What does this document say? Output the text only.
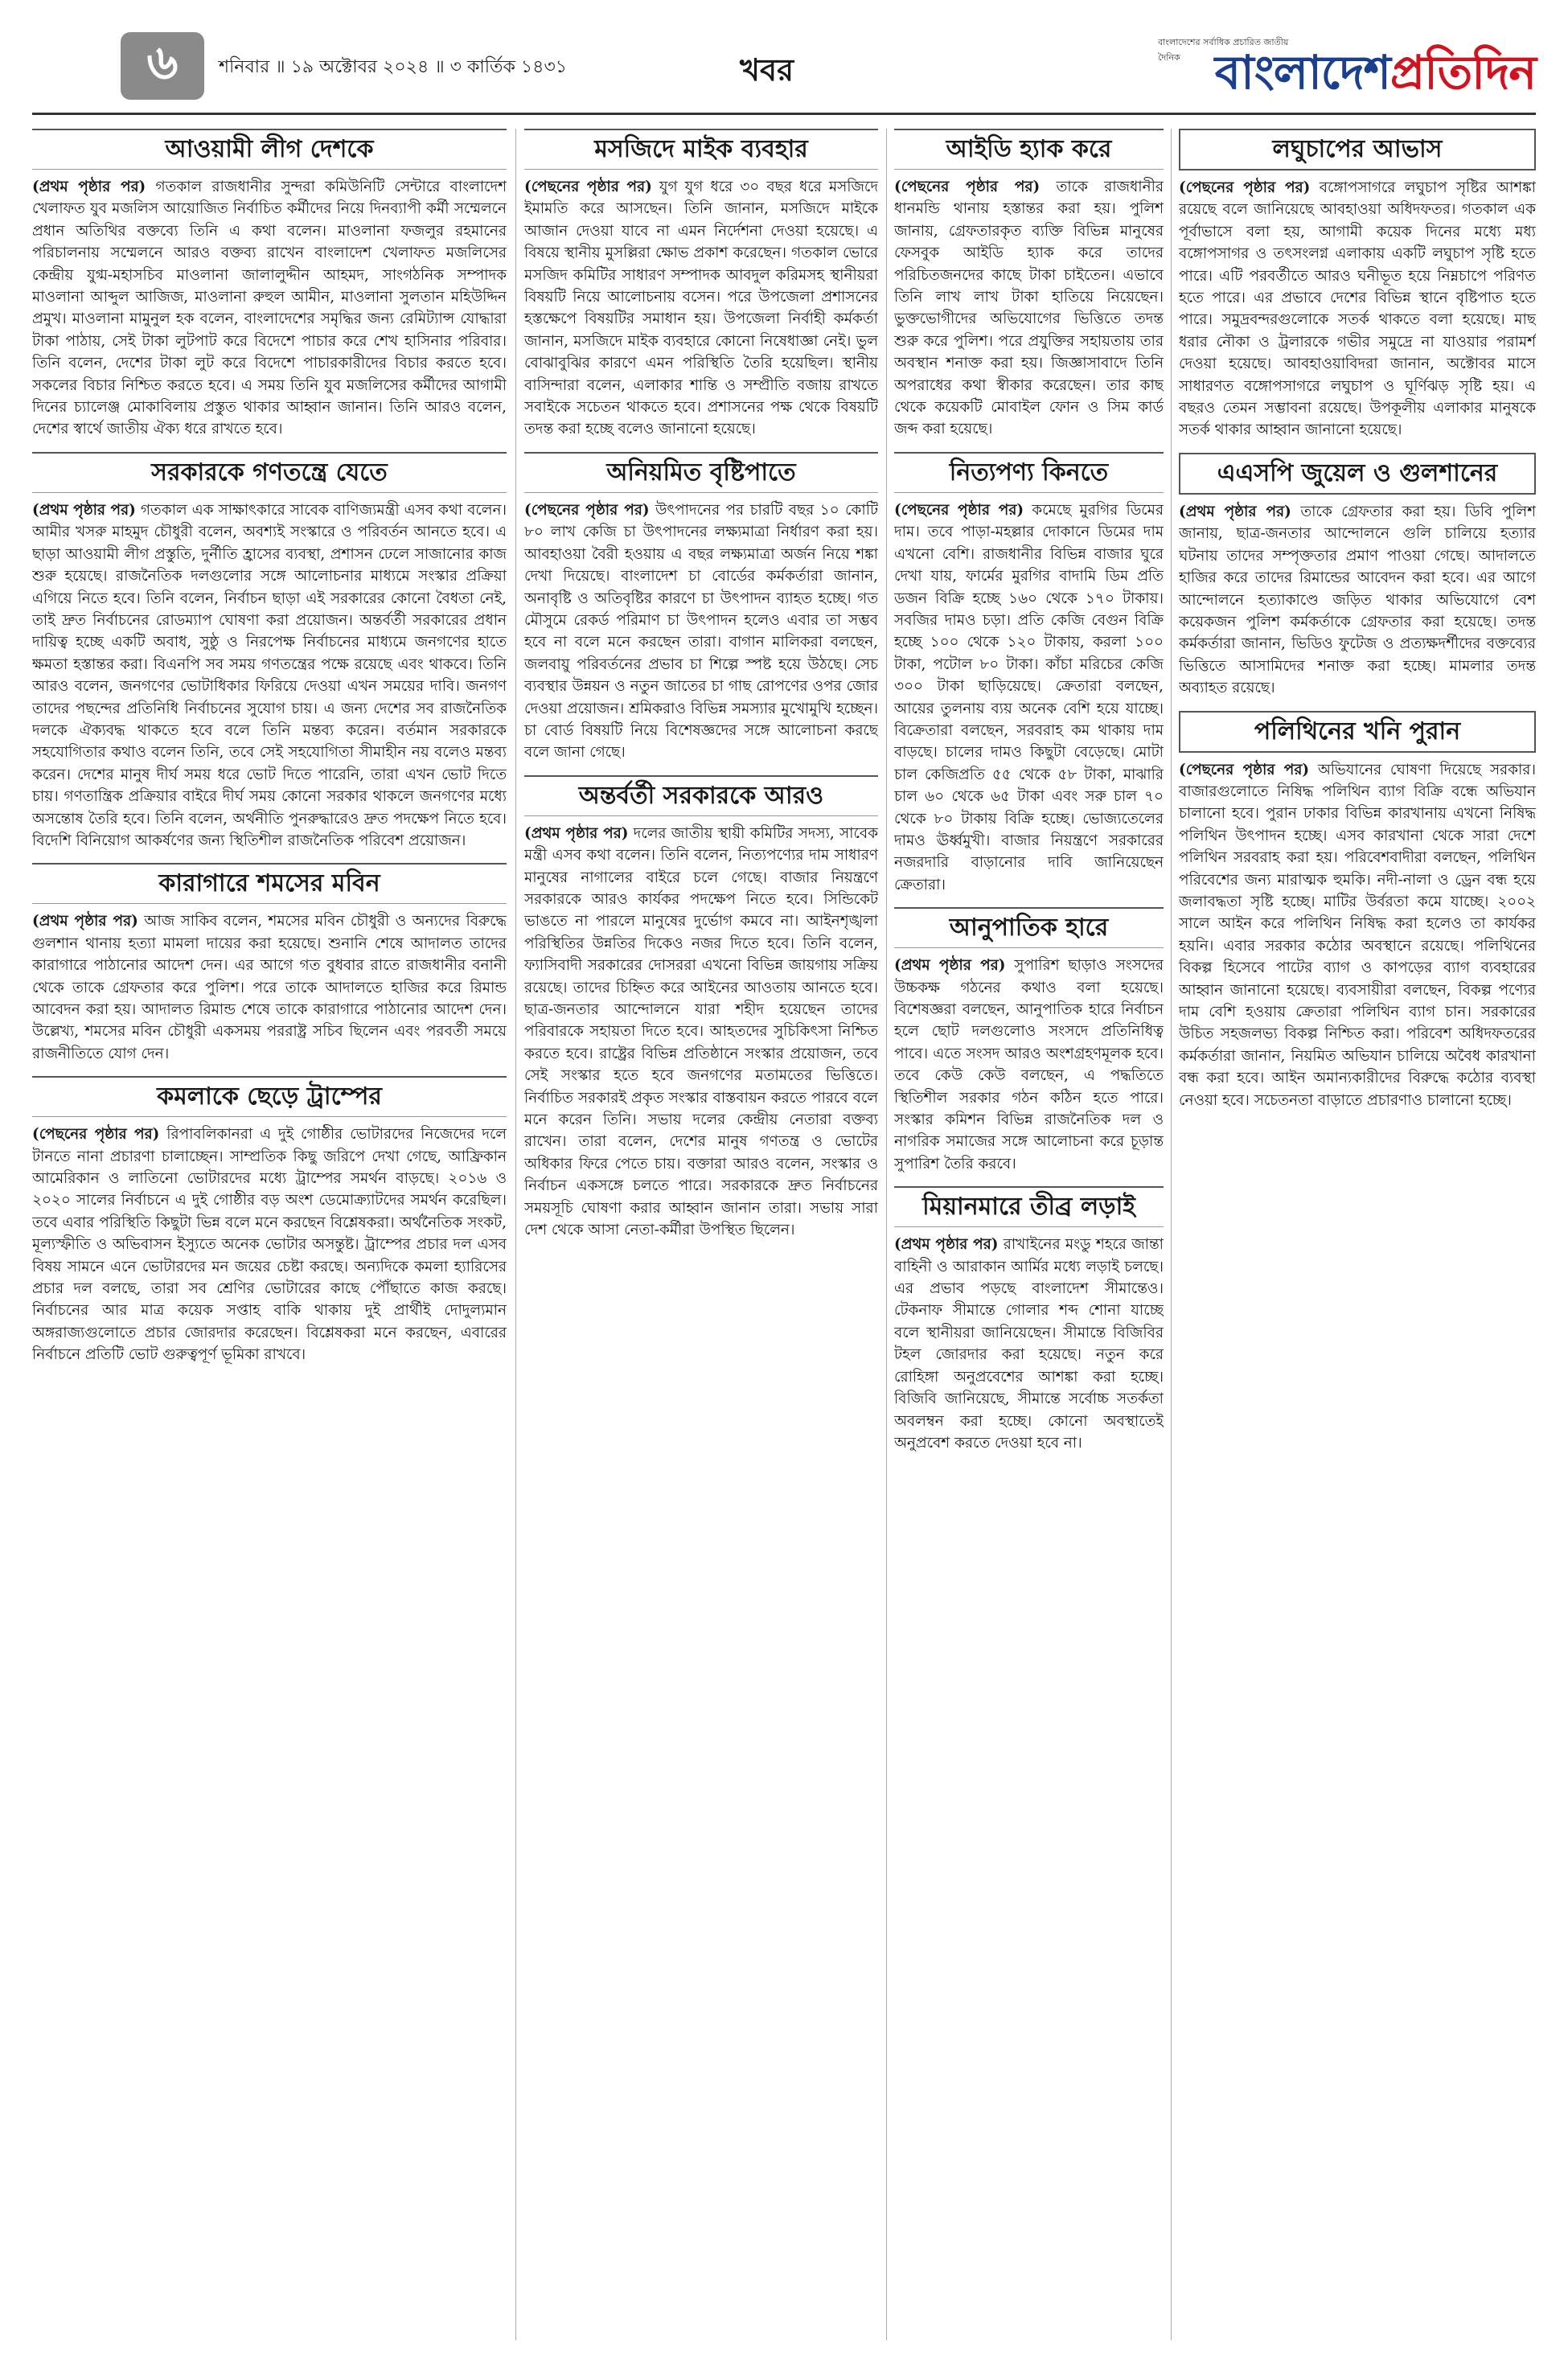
৬	শনিবার ॥ ১৯ অক্টোবর ২০২৪ ॥ ৩ কার্তিক ১৪৩১	খবর
বাংলাদেশের সর্বাধিক প্রচারিত জাতীয় দৈনিক বাংলাদেশপ্রতিদিন
আওয়ামী লীগ দেশকে

(প্রথম পৃষ্ঠার পর) গতকাল রাজধানীর সুন্দরা কমিউনিটি সেন্টারে বাংলাদেশ খেলাফত যুব মজলিস আয়োজিত নির্বাচিত কর্মীদের নিয়ে দিনব্যাপী কর্মী সম্মেলনে প্রধান অতিথির বক্তব্যে তিনি এ কথা বলেন। মাওলানা ফজলুর রহমানের পরিচালনায় সম্মেলনে আরও বক্তব্য রাখেন বাংলাদেশ খেলাফত মজলিসের কেন্দ্রীয় যুগ্ম-মহাসচিব মাওলানা জালালুদ্দীন আহমদ, সাংগঠনিক সম্পাদক মাওলানা আব্দুল আজিজ, মাওলানা রুহুল আমীন, মাওলানা সুলতান মহিউদ্দিন প্রমুখ। মাওলানা মামুনুল হক বলেন, বাংলাদেশের সমৃদ্ধির জন্য রেমিট্যান্স যোদ্ধারা টাকা পাঠায়, সেই টাকা লুটপাট করে বিদেশে পাচার করে শেখ হাসিনার পরিবার। তিনি বলেন, দেশের টাকা লুট করে বিদেশে পাচারকারীদের বিচার করতে হবে। সকলের বিচার নিশ্চিত করতে হবে। এ সময় তিনি যুব মজলিসের কর্মীদের আগামী দিনের চ্যালেঞ্জ মোকাবিলায় প্রস্তুত থাকার আহ্বান জানান। তিনি আরও বলেন, দেশের স্বার্থে জাতীয় ঐক্য ধরে রাখতে হবে।

সরকারকে গণতন্ত্রে যেতে

(প্রথম পৃষ্ঠার পর) গতকাল এক সাক্ষাৎকারে সাবেক বাণিজ্যমন্ত্রী এসব কথা বলেন। আমীর খসরু মাহমুদ চৌধুরী বলেন, অবশ্যই সংস্কারে ও পরিবর্তন আনতে হবে। এ ছাড়া আওয়ামী লীগ প্রস্তুতি, দুর্নীতি হ্রাসের ব্যবস্থা, প্রশাসন ঢেলে সাজানোর কাজ শুরু হয়েছে। রাজনৈতিক দলগুলোর সঙ্গে আলোচনার মাধ্যমে সংস্কার প্রক্রিয়া এগিয়ে নিতে হবে। তিনি বলেন, নির্বাচন ছাড়া এই সরকারের কোনো বৈধতা নেই, তাই দ্রুত নির্বাচনের রোডম্যাপ ঘোষণা করা প্রয়োজন। অন্তর্বর্তী সরকারের প্রধান দায়িত্ব হচ্ছে একটি অবাধ, সুষ্ঠু ও নিরপেক্ষ নির্বাচনের মাধ্যমে জনগণের হাতে ক্ষমতা হস্তান্তর করা। বিএনপি সব সময় গণতন্ত্রের পক্ষে রয়েছে এবং থাকবে। তিনি আরও বলেন, জনগণের ভোটাধিকার ফিরিয়ে দেওয়া এখন সময়ের দাবি। জনগণ তাদের পছন্দের প্রতিনিধি নির্বাচনের সুযোগ চায়। এ জন্য দেশের সব রাজনৈতিক দলকে ঐক্যবদ্ধ থাকতে হবে বলে তিনি মন্তব্য করেন। বর্তমান সরকারকে সহযোগিতার কথাও বলেন তিনি, তবে সেই সহযোগিতা সীমাহীন নয় বলেও মন্তব্য করেন। দেশের মানুষ দীর্ঘ সময় ধরে ভোট দিতে পারেনি, তারা এখন ভোট দিতে চায়। গণতান্ত্রিক প্রক্রিয়ার বাইরে দীর্ঘ সময় কোনো সরকার থাকলে জনগণের মধ্যে অসন্তোষ তৈরি হবে। তিনি বলেন, অর্থনীতি পুনরুদ্ধারেও দ্রুত পদক্ষেপ নিতে হবে। বিদেশি বিনিয়োগ আকর্ষণের জন্য স্থিতিশীল রাজনৈতিক পরিবেশ প্রয়োজন।

কারাগারে শমসের মবিন

(প্রথম পৃষ্ঠার পর) আজ সাকিব বলেন, শমসের মবিন চৌধুরী ও অন্যদের বিরুদ্ধে গুলশান থানায় হত্যা মামলা দায়ের করা হয়েছে। শুনানি শেষে আদালত তাদের কারাগারে পাঠানোর আদেশ দেন। এর আগে গত বুধবার রাতে রাজধানীর বনানী থেকে তাকে গ্রেফতার করে পুলিশ। পরে তাকে আদালতে হাজির করে রিমান্ড আবেদন করা হয়। আদালত রিমান্ড শেষে তাকে কারাগারে পাঠানোর আদেশ দেন। উল্লেখ্য, শমসের মবিন চৌধুরী একসময় পররাষ্ট্র সচিব ছিলেন এবং পরবর্তী সময়ে রাজনীতিতে যোগ দেন।

কমলাকে ছেড়ে ট্রাম্পের

(পেছনের পৃষ্ঠার পর) রিপাবলিকানরা এ দুই গোষ্ঠীর ভোটারদের নিজেদের দলে টানতে নানা প্রচারণা চালাচ্ছেন। সাম্প্রতিক কিছু জরিপে দেখা গেছে, আফ্রিকান আমেরিকান ও লাতিনো ভোটারদের মধ্যে ট্রাম্পের সমর্থন বাড়ছে। ২০১৬ ও ২০২০ সালের নির্বাচনে এ দুই গোষ্ঠীর বড় অংশ ডেমোক্র্যাটদের সমর্থন করেছিল। তবে এবার পরিস্থিতি কিছুটা ভিন্ন বলে মনে করছেন বিশ্লেষকরা। অর্থনৈতিক সংকট, মূল্যস্ফীতি ও অভিবাসন ইস্যুতে অনেক ভোটার অসন্তুষ্ট। ট্রাম্পের প্রচার দল এসব বিষয় সামনে এনে ভোটারদের মন জয়ের চেষ্টা করছে। অন্যদিকে কমলা হ্যারিসের প্রচার দল বলছে, তারা সব শ্রেণির ভোটারের কাছে পৌঁছাতে কাজ করছে। নির্বাচনের আর মাত্র কয়েক সপ্তাহ বাকি থাকায় দুই প্রার্থীই দোদুল্যমান অঙ্গরাজ্যগুলোতে প্রচার জোরদার করেছেন। বিশ্লেষকরা মনে করছেন, এবারের নির্বাচনে প্রতিটি ভোট গুরুত্বপূর্ণ ভূমিকা রাখবে।

মসজিদে মাইক ব্যবহার

(পেছনের পৃষ্ঠার পর) যুগ যুগ ধরে ৩০ বছর ধরে মসজিদে ইমামতি করে আসছেন। তিনি জানান, মসজিদে মাইকে আজান দেওয়া যাবে না এমন নির্দেশনা দেওয়া হয়েছে। এ বিষয়ে স্থানীয় মুসল্লিরা ক্ষোভ প্রকাশ করেছেন। গতকাল ভোরে মসজিদ কমিটির সাধারণ সম্পাদক আবদুল করিমসহ স্থানীয়রা বিষয়টি নিয়ে আলোচনায় বসেন। পরে উপজেলা প্রশাসনের হস্তক্ষেপে বিষয়টির সমাধান হয়। উপজেলা নির্বাহী কর্মকর্তা জানান, মসজিদে মাইক ব্যবহারে কোনো নিষেধাজ্ঞা নেই। ভুল বোঝাবুঝির কারণে এমন পরিস্থিতি তৈরি হয়েছিল। স্থানীয় বাসিন্দারা বলেন, এলাকার শান্তি ও সম্প্রীতি বজায় রাখতে সবাইকে সচেতন থাকতে হবে। প্রশাসনের পক্ষ থেকে বিষয়টি তদন্ত করা হচ্ছে বলেও জানানো হয়েছে।

অনিয়মিত বৃষ্টিপাতে

(পেছনের পৃষ্ঠার পর) উৎপাদনের পর চারটি বছর ১০ কোটি ৮০ লাখ কেজি চা উৎপাদনের লক্ষ্যমাত্রা নির্ধারণ করা হয়। আবহাওয়া বৈরী হওয়ায় এ বছর লক্ষ্যমাত্রা অর্জন নিয়ে শঙ্কা দেখা দিয়েছে। বাংলাদেশ চা বোর্ডের কর্মকর্তারা জানান, অনাবৃষ্টি ও অতিবৃষ্টির কারণে চা উৎপাদন ব্যাহত হচ্ছে। গত মৌসুমে রেকর্ড পরিমাণ চা উৎপাদন হলেও এবার তা সম্ভব হবে না বলে মনে করছেন তারা। বাগান মালিকরা বলছেন, জলবায়ু পরিবর্তনের প্রভাব চা শিল্পে স্পষ্ট হয়ে উঠছে। সেচ ব্যবস্থার উন্নয়ন ও নতুন জাতের চা গাছ রোপণের ওপর জোর দেওয়া প্রয়োজন। শ্রমিকরাও বিভিন্ন সমস্যার মুখোমুখি হচ্ছেন। চা বোর্ড বিষয়টি নিয়ে বিশেষজ্ঞদের সঙ্গে আলোচনা করছে বলে জানা গেছে।

অন্তর্বর্তী সরকারকে আরও

(প্রথম পৃষ্ঠার পর) দলের জাতীয় স্থায়ী কমিটির সদস্য, সাবেক মন্ত্রী এসব কথা বলেন। তিনি বলেন, নিত্যপণ্যের দাম সাধারণ মানুষের নাগালের বাইরে চলে গেছে। বাজার নিয়ন্ত্রণে সরকারকে আরও কার্যকর পদক্ষেপ নিতে হবে। সিন্ডিকেট ভাঙতে না পারলে মানুষের দুর্ভোগ কমবে না। আইনশৃঙ্খলা পরিস্থিতির উন্নতির দিকেও নজর দিতে হবে। তিনি বলেন, ফ্যাসিবাদী সরকারের দোসররা এখনো বিভিন্ন জায়গায় সক্রিয় রয়েছে। তাদের চিহ্নিত করে আইনের আওতায় আনতে হবে। ছাত্র-জনতার আন্দোলনে যারা শহীদ হয়েছেন তাদের পরিবারকে সহায়তা দিতে হবে। আহতদের সুচিকিৎসা নিশ্চিত করতে হবে। রাষ্ট্রের বিভিন্ন প্রতিষ্ঠানে সংস্কার প্রয়োজন, তবে সেই সংস্কার হতে হবে জনগণের মতামতের ভিত্তিতে। নির্বাচিত সরকারই প্রকৃত সংস্কার বাস্তবায়ন করতে পারবে বলে মনে করেন তিনি। সভায় দলের কেন্দ্রীয় নেতারা বক্তব্য রাখেন। তারা বলেন, দেশের মানুষ গণতন্ত্র ও ভোটের অধিকার ফিরে পেতে চায়। বক্তারা আরও বলেন, সংস্কার ও নির্বাচন একসঙ্গে চলতে পারে। সরকারকে দ্রুত নির্বাচনের সময়সূচি ঘোষণা করার আহ্বান জানান তারা। সভায় সারা দেশ থেকে আসা নেতা-কর্মীরা উপস্থিত ছিলেন।

আইডি হ্যাক করে

(পেছনের পৃষ্ঠার পর) তাকে রাজধানীর ধানমন্ডি থানায় হস্তান্তর করা হয়। পুলিশ জানায়, গ্রেফতারকৃত ব্যক্তি বিভিন্ন মানুষের ফেসবুক আইডি হ্যাক করে তাদের পরিচিতজনদের কাছে টাকা চাইতেন। এভাবে তিনি লাখ লাখ টাকা হাতিয়ে নিয়েছেন। ভুক্তভোগীদের অভিযোগের ভিত্তিতে তদন্ত শুরু করে পুলিশ। পরে প্রযুক্তির সহায়তায় তার অবস্থান শনাক্ত করা হয়। জিজ্ঞাসাবাদে তিনি অপরাধের কথা স্বীকার করেছেন। তার কাছ থেকে কয়েকটি মোবাইল ফোন ও সিম কার্ড জব্দ করা হয়েছে।

নিত্যপণ্য কিনতে

(পেছনের পৃষ্ঠার পর) কমেছে মুরগির ডিমের দাম। তবে পাড়া-মহল্লার দোকানে ডিমের দাম এখনো বেশি। রাজধানীর বিভিন্ন বাজার ঘুরে দেখা যায়, ফার্মের মুরগির বাদামি ডিম প্রতি ডজন বিক্রি হচ্ছে ১৬০ থেকে ১৭০ টাকায়। সবজির দামও চড়া। প্রতি কেজি বেগুন বিক্রি হচ্ছে ১০০ থেকে ১২০ টাকায়, করলা ১০০ টাকা, পটোল ৮০ টাকা। কাঁচা মরিচের কেজি ৩০০ টাকা ছাড়িয়েছে। ক্রেতারা বলছেন, আয়ের তুলনায় ব্যয় অনেক বেশি হয়ে যাচ্ছে। বিক্রেতারা বলছেন, সরবরাহ কম থাকায় দাম বাড়ছে। চালের দামও কিছুটা বেড়েছে। মোটা চাল কেজিপ্রতি ৫৫ থেকে ৫৮ টাকা, মাঝারি চাল ৬০ থেকে ৬৫ টাকা এবং সরু চাল ৭০ থেকে ৮০ টাকায় বিক্রি হচ্ছে। ভোজ্যতেলের দামও ঊর্ধ্বমুখী। বাজার নিয়ন্ত্রণে সরকারের নজরদারি বাড়ানোর দাবি জানিয়েছেন ক্রেতারা।

আনুপাতিক হারে

(প্রথম পৃষ্ঠার পর) সুপারিশ ছাড়াও সংসদের উচ্চকক্ষ গঠনের কথাও বলা হয়েছে। বিশেষজ্ঞরা বলছেন, আনুপাতিক হারে নির্বাচন হলে ছোট দলগুলোও সংসদে প্রতিনিধিত্ব পাবে। এতে সংসদ আরও অংশগ্রহণমূলক হবে। তবে কেউ কেউ বলছেন, এ পদ্ধতিতে স্থিতিশীল সরকার গঠন কঠিন হতে পারে। সংস্কার কমিশন বিভিন্ন রাজনৈতিক দল ও নাগরিক সমাজের সঙ্গে আলোচনা করে চূড়ান্ত সুপারিশ তৈরি করবে।

মিয়ানমারে তীব্র লড়াই

(প্রথম পৃষ্ঠার পর) রাখাইনের মংডু শহরে জান্তা বাহিনী ও আরাকান আর্মির মধ্যে লড়াই চলছে। এর প্রভাব পড়ছে বাংলাদেশ সীমান্তেও। টেকনাফ সীমান্তে গোলার শব্দ শোনা যাচ্ছে বলে স্থানীয়রা জানিয়েছেন। সীমান্তে বিজিবির টহল জোরদার করা হয়েছে। নতুন করে রোহিঙ্গা অনুপ্রবেশের আশঙ্কা করা হচ্ছে। বিজিবি জানিয়েছে, সীমান্তে সর্বোচ্চ সতর্কতা অবলম্বন করা হচ্ছে। কোনো অবস্থাতেই অনুপ্রবেশ করতে দেওয়া হবে না।

লঘুচাপের আভাস

(পেছনের পৃষ্ঠার পর) বঙ্গোপসাগরে লঘুচাপ সৃষ্টির আশঙ্কা রয়েছে বলে জানিয়েছে আবহাওয়া অধিদফতর। গতকাল এক পূর্বাভাসে বলা হয়, আগামী কয়েক দিনের মধ্যে মধ্য বঙ্গোপসাগর ও তৎসংলগ্ন এলাকায় একটি লঘুচাপ সৃষ্টি হতে পারে। এটি পরবর্তীতে আরও ঘনীভূত হয়ে নিম্নচাপে পরিণত হতে পারে। এর প্রভাবে দেশের বিভিন্ন স্থানে বৃষ্টিপাত হতে পারে। সমুদ্রবন্দরগুলোকে সতর্ক থাকতে বলা হয়েছে। মাছ ধরার নৌকা ও ট্রলারকে গভীর সমুদ্রে না যাওয়ার পরামর্শ দেওয়া হয়েছে। আবহাওয়াবিদরা জানান, অক্টোবর মাসে সাধারণত বঙ্গোপসাগরে লঘুচাপ ও ঘূর্ণিঝড় সৃষ্টি হয়। এ বছরও তেমন সম্ভাবনা রয়েছে। উপকূলীয় এলাকার মানুষকে সতর্ক থাকার আহ্বান জানানো হয়েছে।

এএসপি জুয়েল ও গুলশানের

(প্রথম পৃষ্ঠার পর) তাকে গ্রেফতার করা হয়। ডিবি পুলিশ জানায়, ছাত্র-জনতার আন্দোলনে গুলি চালিয়ে হত্যার ঘটনায় তাদের সম্পৃক্ততার প্রমাণ পাওয়া গেছে। আদালতে হাজির করে তাদের রিমান্ডের আবেদন করা হবে। এর আগে আন্দোলনে হত্যাকাণ্ডে জড়িত থাকার অভিযোগে বেশ কয়েকজন পুলিশ কর্মকর্তাকে গ্রেফতার করা হয়েছে। তদন্ত কর্মকর্তারা জানান, ভিডিও ফুটেজ ও প্রত্যক্ষদর্শীদের বক্তব্যের ভিত্তিতে আসামিদের শনাক্ত করা হচ্ছে। মামলার তদন্ত অব্যাহত রয়েছে।

পলিথিনের খনি পুরান

(পেছনের পৃষ্ঠার পর) অভিযানের ঘোষণা দিয়েছে সরকার। বাজারগুলোতে নিষিদ্ধ পলিথিন ব্যাগ বিক্রি বন্ধে অভিযান চালানো হবে। পুরান ঢাকার বিভিন্ন কারখানায় এখনো নিষিদ্ধ পলিথিন উৎপাদন হচ্ছে। এসব কারখানা থেকে সারা দেশে পলিথিন সরবরাহ করা হয়। পরিবেশবাদীরা বলছেন, পলিথিন পরিবেশের জন্য মারাত্মক হুমকি। নদী-নালা ও ড্রেন বন্ধ হয়ে জলাবদ্ধতা সৃষ্টি হচ্ছে। মাটির উর্বরতা কমে যাচ্ছে। ২০০২ সালে আইন করে পলিথিন নিষিদ্ধ করা হলেও তা কার্যকর হয়নি। এবার সরকার কঠোর অবস্থানে রয়েছে। পলিথিনের বিকল্প হিসেবে পাটের ব্যাগ ও কাপড়ের ব্যাগ ব্যবহারের আহ্বান জানানো হয়েছে। ব্যবসায়ীরা বলছেন, বিকল্প পণ্যের দাম বেশি হওয়ায় ক্রেতারা পলিথিন ব্যাগ চান। সরকারের উচিত সহজলভ্য বিকল্প নিশ্চিত করা। পরিবেশ অধিদফতরের কর্মকর্তারা জানান, নিয়মিত অভিযান চালিয়ে অবৈধ কারখানা বন্ধ করা হবে। আইন অমান্যকারীদের বিরুদ্ধে কঠোর ব্যবস্থা নেওয়া হবে। সচেতনতা বাড়াতে প্রচারণাও চালানো হচ্ছে।
